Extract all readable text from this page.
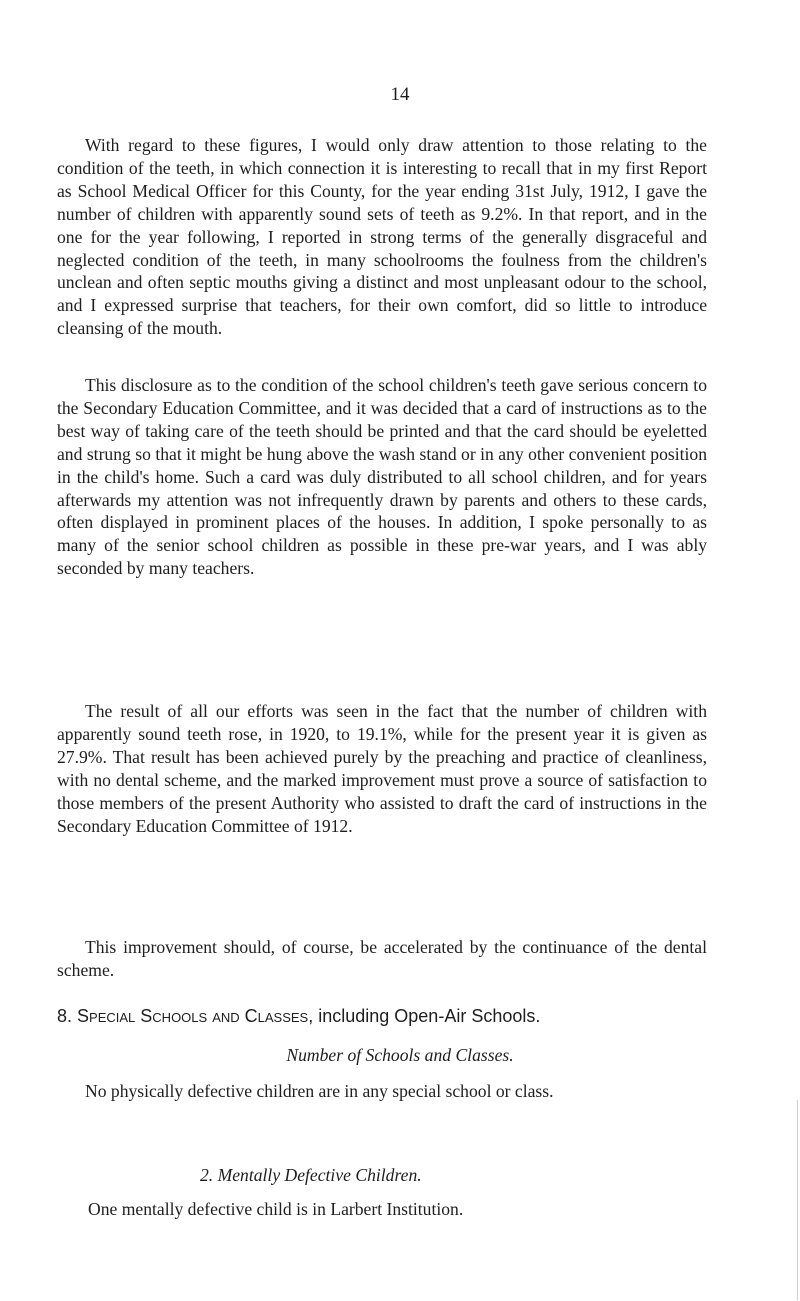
14

With regard to these figures, I would only draw attention to those relating to the condition of the teeth, in which connection it is interesting to recall that in my first Report as School Medical Officer for this County, for the year ending 31st July, 1912, I gave the number of children with apparently sound sets of teeth as 9.2%. In that report, and in the one for the year following, I reported in strong terms of the generally disgraceful and neglected condition of the teeth, in many schoolrooms the foulness from the children's unclean and often septic mouths giving a distinct and most unpleasant odour to the school, and I expressed surprise that teachers, for their own comfort, did so little to introduce cleansing of the mouth.

This disclosure as to the condition of the school children's teeth gave serious concern to the Secondary Education Committee, and it was decided that a card of instructions as to the best way of taking care of the teeth should be printed and that the card should be eyeletted and strung so that it might be hung above the wash stand or in any other convenient position in the child's home. Such a card was duly distributed to all school children, and for years afterwards my attention was not infrequently drawn by parents and others to these cards, often displayed in prominent places of the houses. In addition, I spoke personally to as many of the senior school children as possible in these pre-war years, and I was ably seconded by many teachers.

The result of all our efforts was seen in the fact that the number of children with apparently sound teeth rose, in 1920, to 19.1%, while for the present year it is given as 27.9%. That result has been achieved purely by the preaching and practice of cleanliness, with no dental scheme, and the marked improvement must prove a source of satisfaction to those members of the present Authority who assisted to draft the card of instructions in the Secondary Education Committee of 1912.

This improvement should, of course, be accelerated by the continuance of the dental scheme.

8. Special Schools and Classes, including Open-Air Schools.
Number of Schools and Classes.

No physically defective children are in any special school or class.

2. Mentally Defective Children.

One mentally defective child is in Larbert Institution.
